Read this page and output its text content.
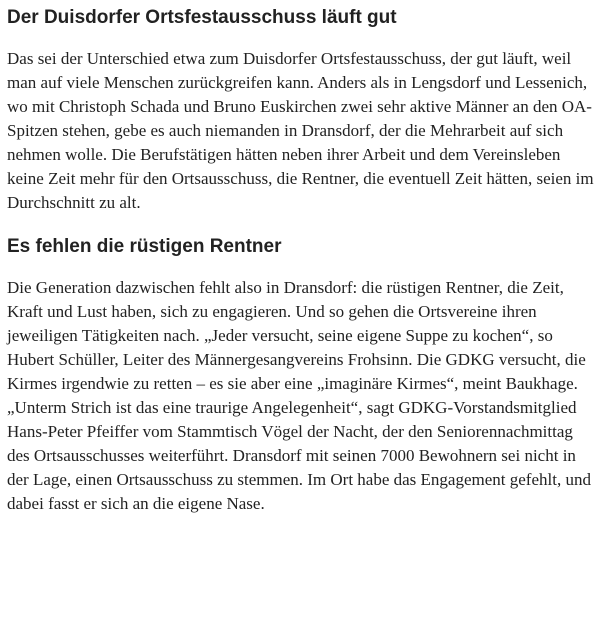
Der Duisdorfer Ortsfestausschuss läuft gut

Das sei der Unterschied etwa zum Duisdorfer Ortsfestausschuss, der gut läuft, weil man auf viele Menschen zurückgreifen kann. Anders als in Lengsdorf und Lessenich, wo mit Christoph Schada und Bruno Euskirchen zwei sehr aktive Männer an den OA-Spitzen stehen, gebe es auch niemanden in Dransdorf, der die Mehrarbeit auf sich nehmen wolle. Die Berufstätigen hätten neben ihrer Arbeit und dem Vereinsleben keine Zeit mehr für den Ortsausschuss, die Rentner, die eventuell Zeit hätten, seien im Durchschnitt zu alt.

Es fehlen die rüstigen Rentner

Die Generation dazwischen fehlt also in Dransdorf: die rüstigen Rentner, die Zeit, Kraft und Lust haben, sich zu engagieren. Und so gehen die Ortsvereine ihren jeweiligen Tätigkeiten nach. „Jeder versucht, seine eigene Suppe zu kochen“, so Hubert Schüller, Leiter des Männergesangvereins Frohsinn. Die GDKG versucht, die Kirmes irgendwie zu retten – es sie aber eine „imaginäre Kirmes“, meint Baukhage. „Unterm Strich ist das eine traurige Angelegenheit“, sagt GDKG-Vorstandsmitglied Hans-Peter Pfeiffer vom Stammtisch Vögel der Nacht, der den Seniorennachmittag des Ortsausschusses weiterführt. Dransdorf mit seinen 7000 Bewohnern sei nicht in der Lage, einen Ortsausschuss zu stemmen. Im Ort habe das Engagement gefehlt, und dabei fasst er sich an die eigene Nase.
